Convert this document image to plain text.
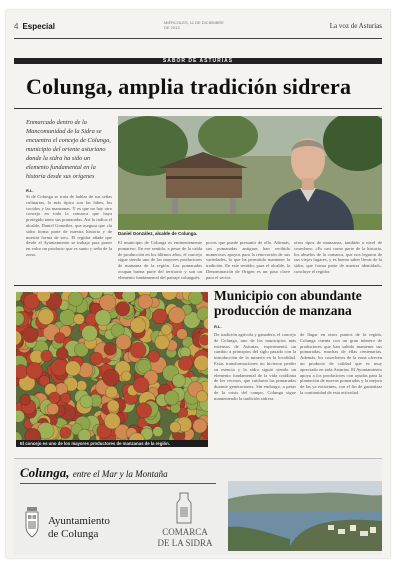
4 Especial	MIÉRCOLES, 11 DE DICIEMBRE DE 2013	La voz de Asturias
SABOR DE ASTURIAS
Colunga, amplia tradición sidrera
Enmarcado dentro de la Mancomunidad de la Sidra se encuentra el concejo de Colunga, municipio del oriente asturiano donde la sidra ha sido un elemento fundamental en la historia desde sus orígenes
Daniel González, alcalde de Colunga.
R.L.
Si de Colunga se trata de hablar de sus señas culinarias, lo más típico son las fabes, los cocidos y las manzanas. Y es que no hay otro concejo en toda la comarca que haya protegido tanto sus pomaradas. Así lo indica el alcalde, Daniel González, que asegura que «la sidra forma parte de nuestra historia y de nuestra forma de ser». El regidor añade que desde el Ayuntamiento se trabaja para poner en valor un producto que es santo y seña de la zona.
El municipio de Colunga es eminentemente pomarero. En ese sentido, a pesar de la caída de producción en los últimos años, el concejo sigue siendo uno de los mayores productores de manzana de la región. Las pomaradas ocupan buena parte del territorio y son un elemento fundamental del paisaje colungués.
pocos que puede presumir de ello. Además, sus pomaradas antiguas han recibido numerosos apoyos para la renovación de sus variedades, lo que ha permitido mantener la tradición. En este sentido, para el alcalde, la Denominación de Origen es un paso clave para el sector.
otros tipos de manzanas, también a nivel de cosechero. «Es casi como parte de la historia, los abuelos de la comarca, que nos legaron de sus viejos lugares, y es bueno saber llevar de la sidra, que forma parte de nuestra identidad», concluye el regidor.
El concejo es uno de los mayores productores de manzanas de la región.
Municipio con abundante producción de manzana
R.L.
De tradición agrícola y ganadera, el concejo de Colunga, uno de los municipios más extensos de Asturias, experimentó un cambio a principios del siglo pasado con la introducción de la minería en la localidad. Estas transformaciones no hicieron perder su esencia y la sidra siguió siendo un elemento fundamental de la vida cotidiana de los vecinos, que cuidaron las pomaradas durante generaciones. Sin embargo, a pesar de la crisis del campo, Colunga sigue manteniendo la tradición sidrera.
de llagar en otros puntos de la región, Colunga cuenta con un gran número de productores que han sabido mantener sus pomaradas, muchas de ellas centenarias. Además, los cosecheros de la zona ofrecen un producto de calidad que es muy apreciado en toda Asturias. El Ayuntamiento apoya a los productores con ayudas para la plantación de nuevas pomaradas y la mejora de las ya existentes, con el fin de garantizar la continuidad de esta actividad.
Colunga, entre el Mar y la Montaña
Ayuntamiento
de Colunga	COMARCA
DE LA SIDRA
